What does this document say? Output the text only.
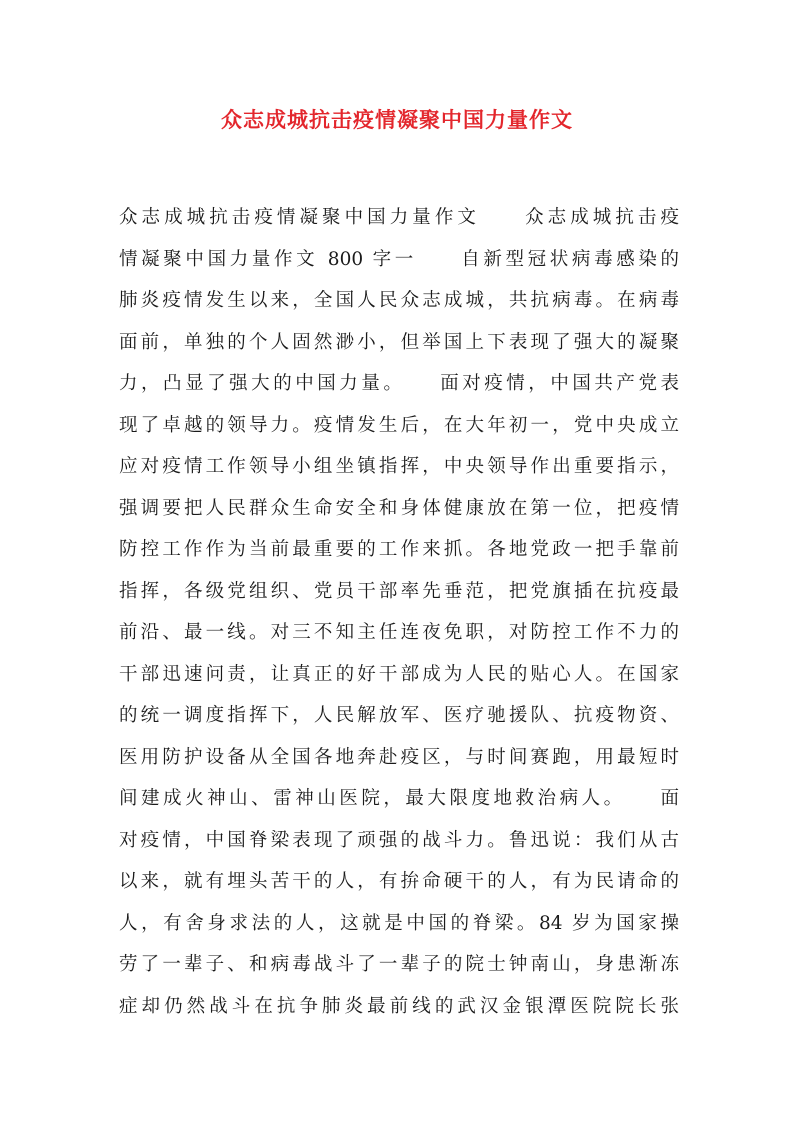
众志成城抗击疫情凝聚中国力量作文
众志成城抗击疫情凝聚中国力量作文　　众志成城抗击疫
情凝聚中国力量作文 800 字一　　自新型冠状病毒感染的
肺炎疫情发生以来，全国人民众志成城，共抗病毒。在病毒
面前，单独的个人固然渺小，但举国上下表现了强大的凝聚
力，凸显了强大的中国力量。　　面对疫情，中国共产党表
现了卓越的领导力。疫情发生后，在大年初一，党中央成立
应对疫情工作领导小组坐镇指挥，中央领导作出重要指示，
强调要把人民群众生命安全和身体健康放在第一位，把疫情
防控工作作为当前最重要的工作来抓。各地党政一把手靠前
指挥，各级党组织、党员干部率先垂范，把党旗插在抗疫最
前沿、最一线。对三不知主任连夜免职，对防控工作不力的
干部迅速问责，让真正的好干部成为人民的贴心人。在国家
的统一调度指挥下，人民解放军、医疗驰援队、抗疫物资、
医用防护设备从全国各地奔赴疫区，与时间赛跑，用最短时
间建成火神山、雷神山医院，最大限度地救治病人。　　面
对疫情，中国脊梁表现了顽强的战斗力。鲁迅说：我们从古
以来，就有埋头苦干的人，有拚命硬干的人，有为民请命的
人，有舍身求法的人，这就是中国的脊梁。84 岁为国家操
劳了一辈子、和病毒战斗了一辈子的院士钟南山，身患渐冻
症却仍然战斗在抗争肺炎最前线的武汉金银潭医院院长张
